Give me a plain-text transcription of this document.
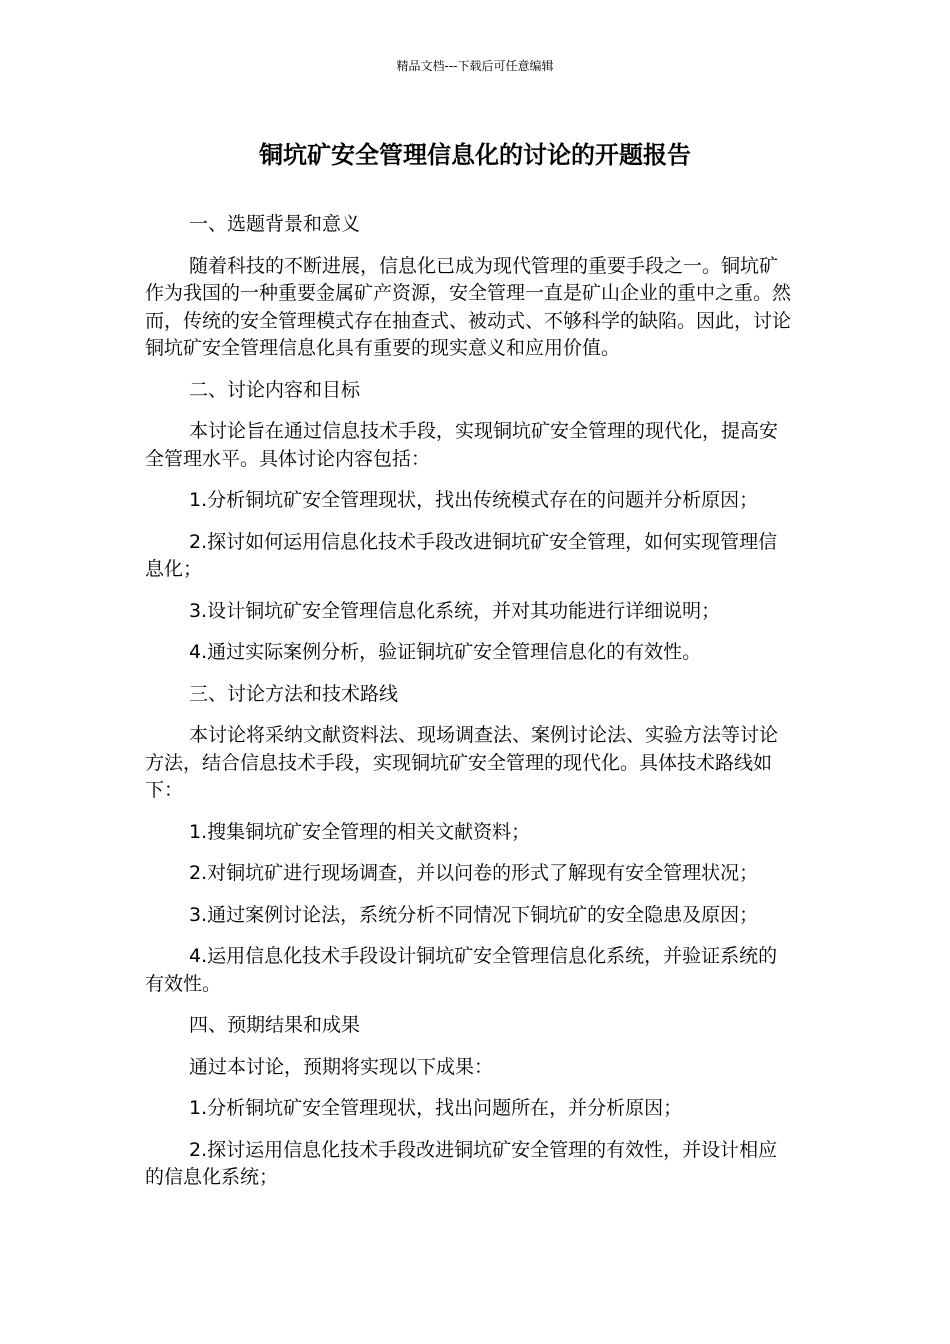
精品文档---下载后可任意编辑
铜坑矿安全管理信息化的讨论的开题报告

一、选题背景和意义

随着科技的不断进展，信息化已成为现代管理的重要手段之一。铜坑矿作为我国的一种重要金属矿产资源，安全管理一直是矿山企业的重中之重。然而，传统的安全管理模式存在抽查式、被动式、不够科学的缺陷。因此，讨论铜坑矿安全管理信息化具有重要的现实意义和应用价值。

二、讨论内容和目标

本讨论旨在通过信息技术手段，实现铜坑矿安全管理的现代化，提高安全管理水平。具体讨论内容包括：

1.分析铜坑矿安全管理现状，找出传统模式存在的问题并分析原因；

2.探讨如何运用信息化技术手段改进铜坑矿安全管理，如何实现管理信息化；

3.设计铜坑矿安全管理信息化系统，并对其功能进行详细说明；

4.通过实际案例分析，验证铜坑矿安全管理信息化的有效性。

三、讨论方法和技术路线

本讨论将采纳文献资料法、现场调查法、案例讨论法、实验方法等讨论方法，结合信息技术手段，实现铜坑矿安全管理的现代化。具体技术路线如下：

1.搜集铜坑矿安全管理的相关文献资料；

2.对铜坑矿进行现场调查，并以问卷的形式了解现有安全管理状况；

3.通过案例讨论法，系统分析不同情况下铜坑矿的安全隐患及原因；

4.运用信息化技术手段设计铜坑矿安全管理信息化系统，并验证系统的有效性。

四、预期结果和成果

通过本讨论，预期将实现以下成果：

1.分析铜坑矿安全管理现状，找出问题所在，并分析原因；

2.探讨运用信息化技术手段改进铜坑矿安全管理的有效性，并设计相应的信息化系统；
